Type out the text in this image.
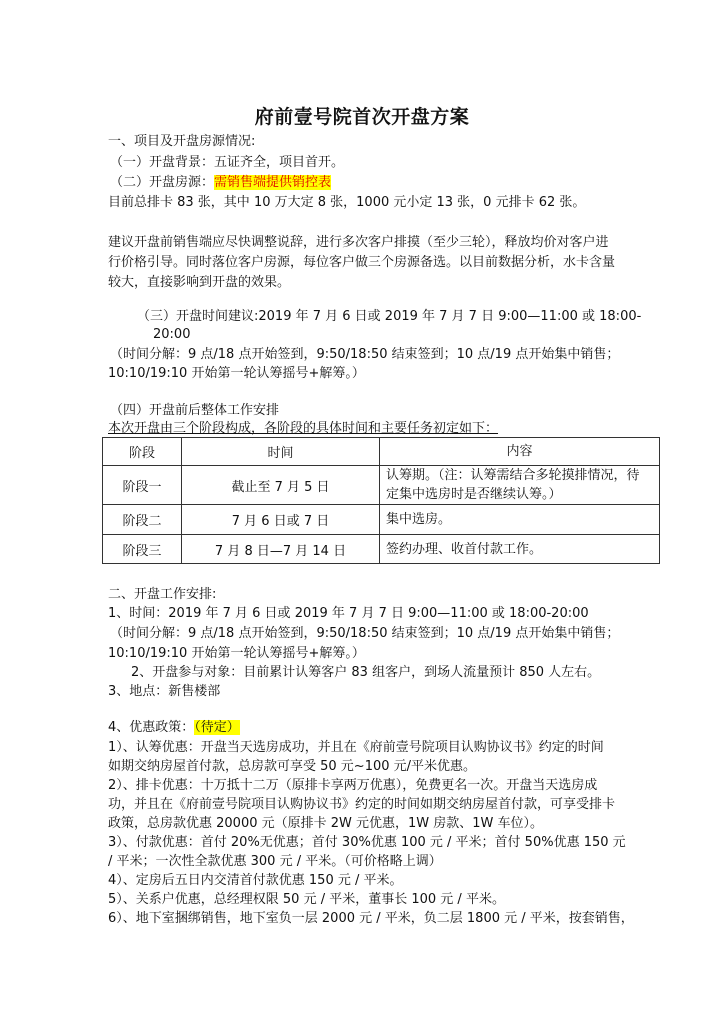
府前壹号院首次开盘方案
一、项目及开盘房源情况:
（一）开盘背景：五证齐全，项目首开。
（二）开盘房源：需销售端提供销控表
目前总排卡 83 张，其中 10 万大定 8 张，1000 元小定 13 张，0 元排卡 62 张。
建议开盘前销售端应尽快调整说辞，进行多次客户排摸（至少三轮），释放均价对客户进
行价格引导。同时落位客户房源，每位客户做三个房源备选。以目前数据分析，水卡含量
较大，直接影响到开盘的效果。
（三）开盘时间建议:2019 年 7 月 6 日或 2019 年 7 月 7 日 9:00—11:00 或 18:00-
20:00
（时间分解：9 点/18 点开始签到，9:50/18:50 结束签到；10 点/19 点开始集中销售；
10:10/19:10 开始第一轮认筹摇号+解筹。）
（四）开盘前后整体工作安排
本次开盘由三个阶段构成，各阶段的具体时间和主要任务初定如下：
阶段	时间	内容
阶段一	截止至 7 月 5 日	认筹期。（注：认筹需结合多轮摸排情况，待
定集中选房时是否继续认筹。）

阶段二	7 月 6 日或 7 日	集中选房。
阶段三	7 月 8 日—7 月 14 日	签约办理、收首付款工作。
二、开盘工作安排:
1、时间：2019 年 7 月 6 日或 2019 年 7 月 7 日 9:00—11:00 或 18:00-20:00
（时间分解：9 点/18 点开始签到，9:50/18:50 结束签到；10 点/19 点开始集中销售；
10:10/19:10 开始第一轮认筹摇号+解筹。）
2、开盘参与对象：目前累计认筹客户 83 组客户，到场人流量预计 850 人左右。
3、地点：新售楼部
4、优惠政策：（待定）
1）、认筹优惠：开盘当天选房成功，并且在《府前壹号院项目认购协议书》约定的时间
如期交纳房屋首付款，总房款可享受 50 元~100 元/平米优惠。
2）、排卡优惠：十万抵十二万（原排卡享两万优惠），免费更名一次。开盘当天选房成
功，并且在《府前壹号院项目认购协议书》约定的时间如期交纳房屋首付款，可享受排卡
政策，总房款优惠 20000 元（原排卡 2W 元优惠，1W 房款、1W 车位）。
3）、付款优惠：首付 20%无优惠；首付 30%优惠 100 元 / 平米；首付 50%优惠 150 元
/ 平米；一次性全款优惠 300 元 / 平米。（可价格略上调）
4）、定房后五日内交清首付款优惠 150 元 / 平米。
5）、关系户优惠，总经理权限 50 元 / 平米，董事长 100 元 / 平米。
6）、地下室捆绑销售，地下室负一层 2000 元 / 平米，负二层 1800 元 / 平米，按套销售，
